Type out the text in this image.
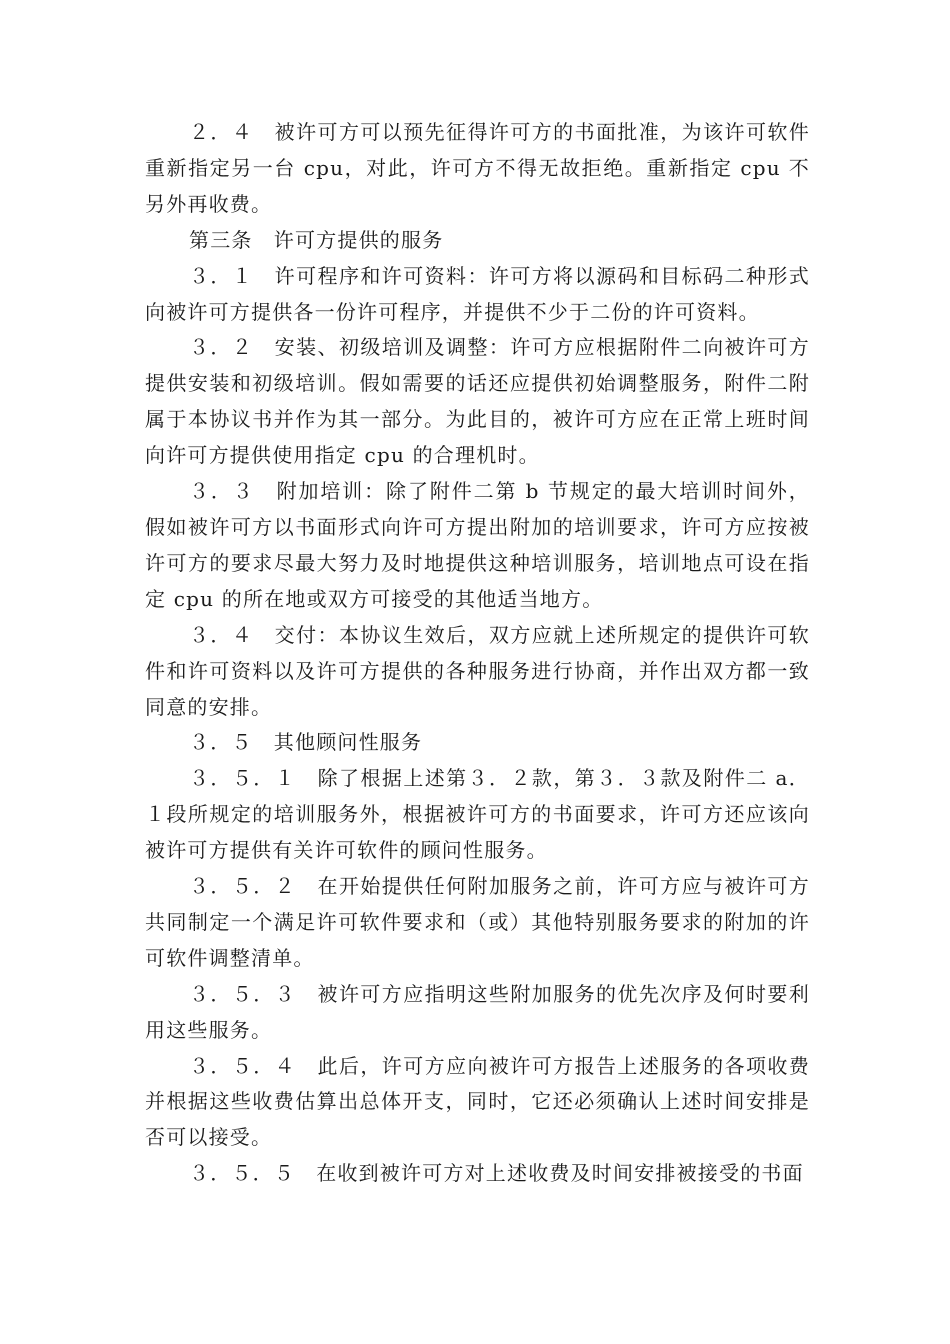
２．４　被许可方可以预先征得许可方的书面批准，为该许可软件重新指定另一台 cpu，对此，许可方不得无故拒绝。重新指定 cpu 不另外再收费。

第三条　许可方提供的服务

３．１　许可程序和许可资料：许可方将以源码和目标码二种形式向被许可方提供各一份许可程序，并提供不少于二份的许可资料。

３．２　安装、初级培训及调整：许可方应根据附件二向被许可方提供安装和初级培训。假如需要的话还应提供初始调整服务，附件二附属于本协议书并作为其一部分。为此目的，被许可方应在正常上班时间向许可方提供使用指定 cpu 的合理机时。

３．３　附加培训：除了附件二第 b 节规定的最大培训时间外，假如被许可方以书面形式向许可方提出附加的培训要求，许可方应按被许可方的要求尽最大努力及时地提供这种培训服务，培训地点可设在指定 cpu 的所在地或双方可接受的其他适当地方。

３．４　交付：本协议生效后，双方应就上述所规定的提供许可软件和许可资料以及许可方提供的各种服务进行协商，并作出双方都一致同意的安排。

３．５　其他顾问性服务

３．５．１　除了根据上述第３．２款，第３．３款及附件二 a．１段所规定的培训服务外，根据被许可方的书面要求，许可方还应该向被许可方提供有关许可软件的顾问性服务。

３．５．２　在开始提供任何附加服务之前，许可方应与被许可方共同制定一个满足许可软件要求和（或）其他特别服务要求的附加的许可软件调整清单。

３．５．３　被许可方应指明这些附加服务的优先次序及何时要利用这些服务。

３．５．４　此后，许可方应向被许可方报告上述服务的各项收费并根据这些收费估算出总体开支，同时，它还必须确认上述时间安排是否可以接受。

３．５．５　在收到被许可方对上述收费及时间安排被接受的书面
